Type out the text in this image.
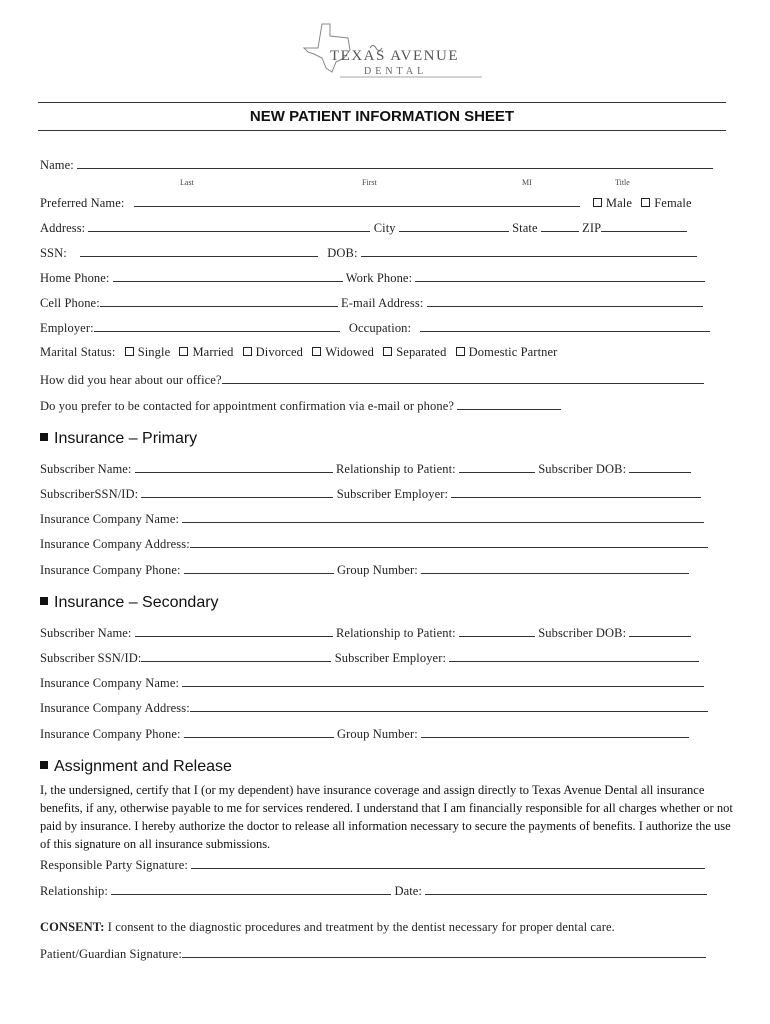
TEXAS AVENUE
DENTAL
NEW PATIENT INFORMATION SHEET
Name:
Last	First	MI	Title
Preferred Name:	Male Female
Address:	City	State	ZIP
SSN:	DOB:
Home Phone:	Work Phone:
Cell Phone:	E-mail Address:
Employer:	Occupation:
Marital Status: Single Married Divorced Widowed Separated Domestic Partner
How did you hear about our office?
Do you prefer to be contacted for appointment confirmation via e-mail or phone?
Insurance – Primary
Subscriber Name:	Relationship to Patient:	Subscriber DOB:
SubscriberSSN/ID:	Subscriber Employer:
Insurance Company Name:
Insurance Company Address:
Insurance Company Phone:	Group Number:
Insurance – Secondary
Subscriber Name:	Relationship to Patient:	Subscriber DOB:
Subscriber SSN/ID:	Subscriber Employer:
Insurance Company Name:
Insurance Company Address:
Insurance Company Phone:	Group Number:
Assignment and Release
I, the undersigned, certify that I (or my dependent) have insurance coverage and assign directly to Texas Avenue Dental all insurance benefits, if any, otherwise payable to me for services rendered. I understand that I am financially responsible for all charges whether or not paid by insurance. I hereby authorize the doctor to release all information necessary to secure the payments of benefits. I authorize the use of this signature on all insurance submissions.
Responsible Party Signature:
Relationship:	Date:
CONSENT: I consent to the diagnostic procedures and treatment by the dentist necessary for proper dental care.
Patient/Guardian Signature:
